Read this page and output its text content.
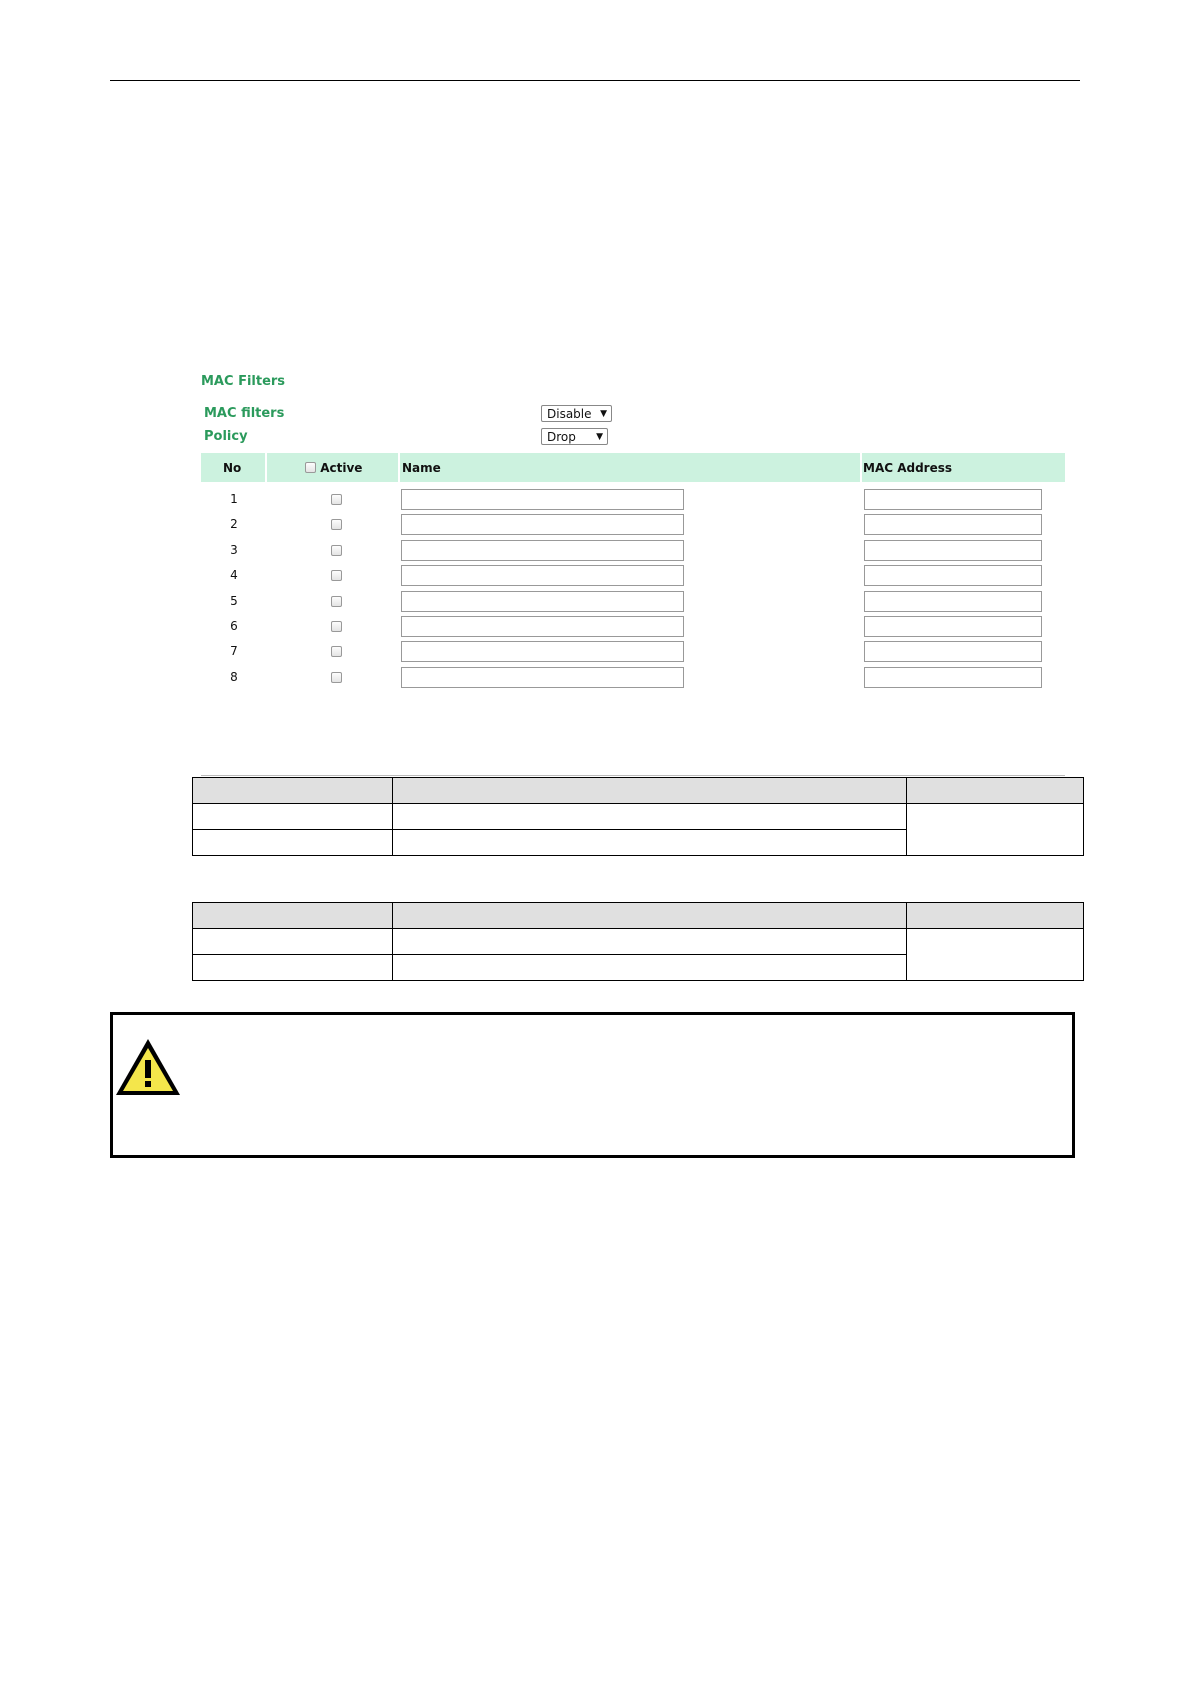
MAC Filters
MAC filters	Disable ▼
Policy	Drop ▼
No	Active	Name	MAC Address
1
2
3
4
5
6
7
8
